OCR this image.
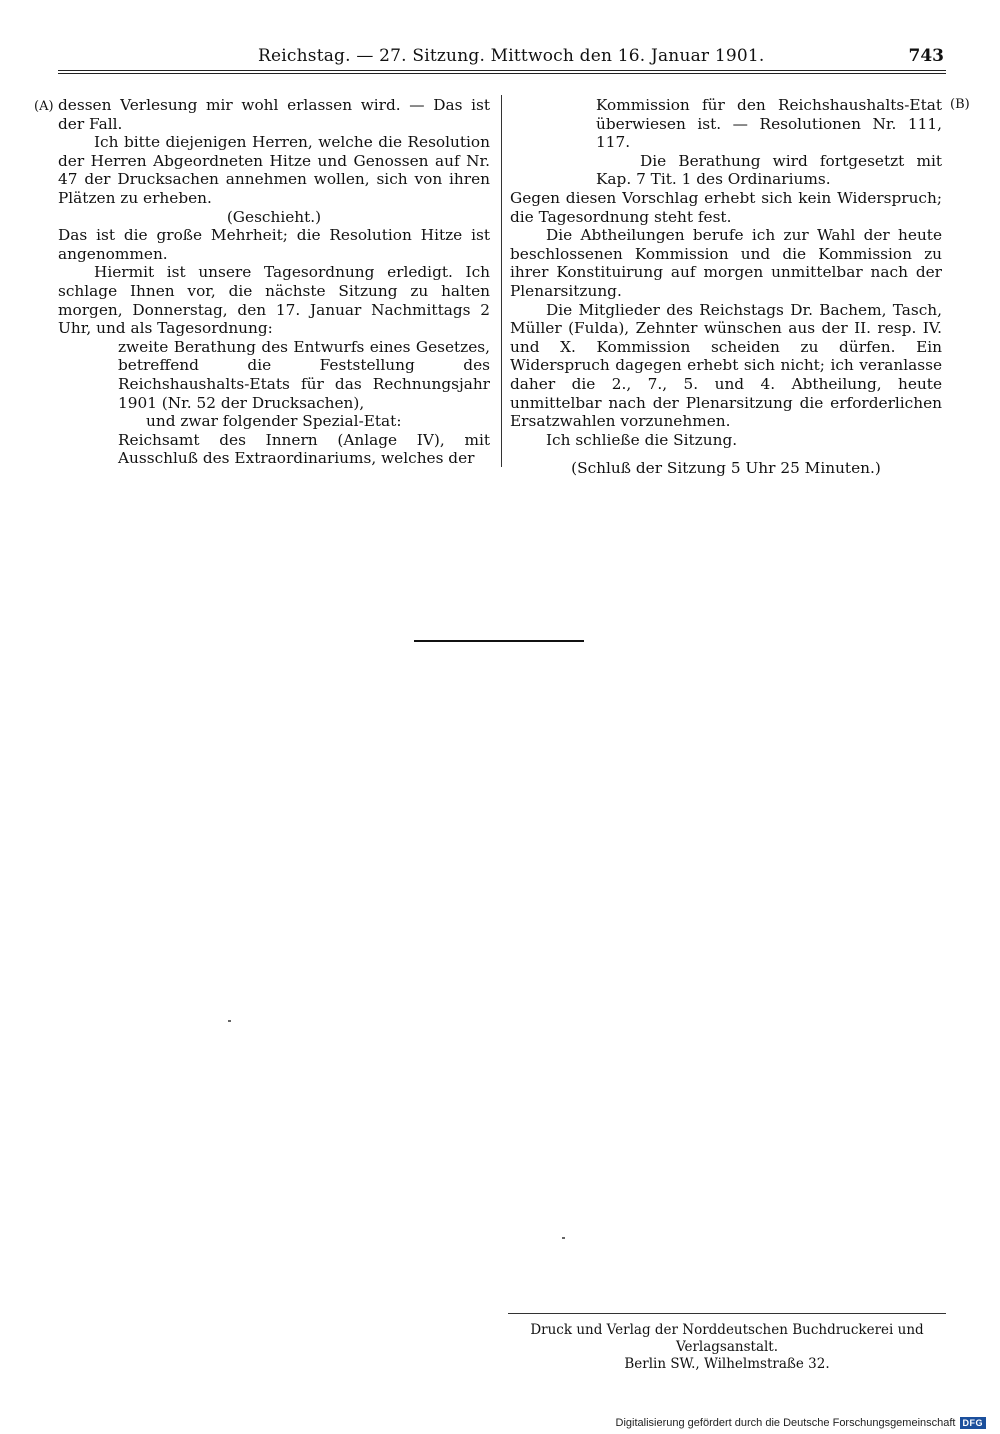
Reichstag. — 27. Sitzung. Mittwoch den 16. Januar 1901.	743
(A)	(B)

dessen Verlesung mir wohl erlassen wird. — Das ist der Fall.

Ich bitte diejenigen Herren, welche die Resolution der Herren Abgeordneten Hitze und Genossen auf Nr. 47 der Drucksachen annehmen wollen, sich von ihren Plätzen zu erheben.

(Geschieht.)

Das ist die große Mehrheit; die Resolution Hitze ist angenommen.

Hiermit ist unsere Tagesordnung erledigt. Ich schlage Ihnen vor, die nächste Sitzung zu halten morgen, Donnerstag, den 17. Januar Nachmittags 2 Uhr, und als Tagesordnung:

zweite Berathung des Entwurfs eines Gesetzes, betreffend die Feststellung des Reichshaushalts-Etats für das Rechnungsjahr 1901 (Nr. 52 der Drucksachen),

und zwar folgender Spezial-Etat:

Reichsamt des Innern (Anlage IV), mit Ausschluß des Extraordinariums, welches der

Kommission für den Reichshaushalts-Etat überwiesen ist. — Resolutionen Nr. 111, 117.

Die Berathung wird fortgesetzt mit Kap. 7 Tit. 1 des Ordinariums.

Gegen diesen Vorschlag erhebt sich kein Widerspruch; die Tagesordnung steht fest.

Die Abtheilungen berufe ich zur Wahl der heute beschlossenen Kommission und die Kommission zu ihrer Konstituirung auf morgen unmittelbar nach der Plenarsitzung.

Die Mitglieder des Reichstags Dr. Bachem, Tasch, Müller (Fulda), Zehnter wünschen aus der II. resp. IV. und X. Kommission scheiden zu dürfen. Ein Widerspruch dagegen erhebt sich nicht; ich veranlasse daher die 2., 7., 5. und 4. Abtheilung, heute unmittelbar nach der Plenarsitzung die erforderlichen Ersatzwahlen vorzunehmen.

Ich schließe die Sitzung.

(Schluß der Sitzung 5 Uhr 25 Minuten.)

Druck und Verlag der Norddeutschen Buchdruckerei und Verlagsanstalt.
Berlin SW., Wilhelmstraße 32.
Digitalisierung gefördert durch die Deutsche Forschungsgemeinschaft DFG
